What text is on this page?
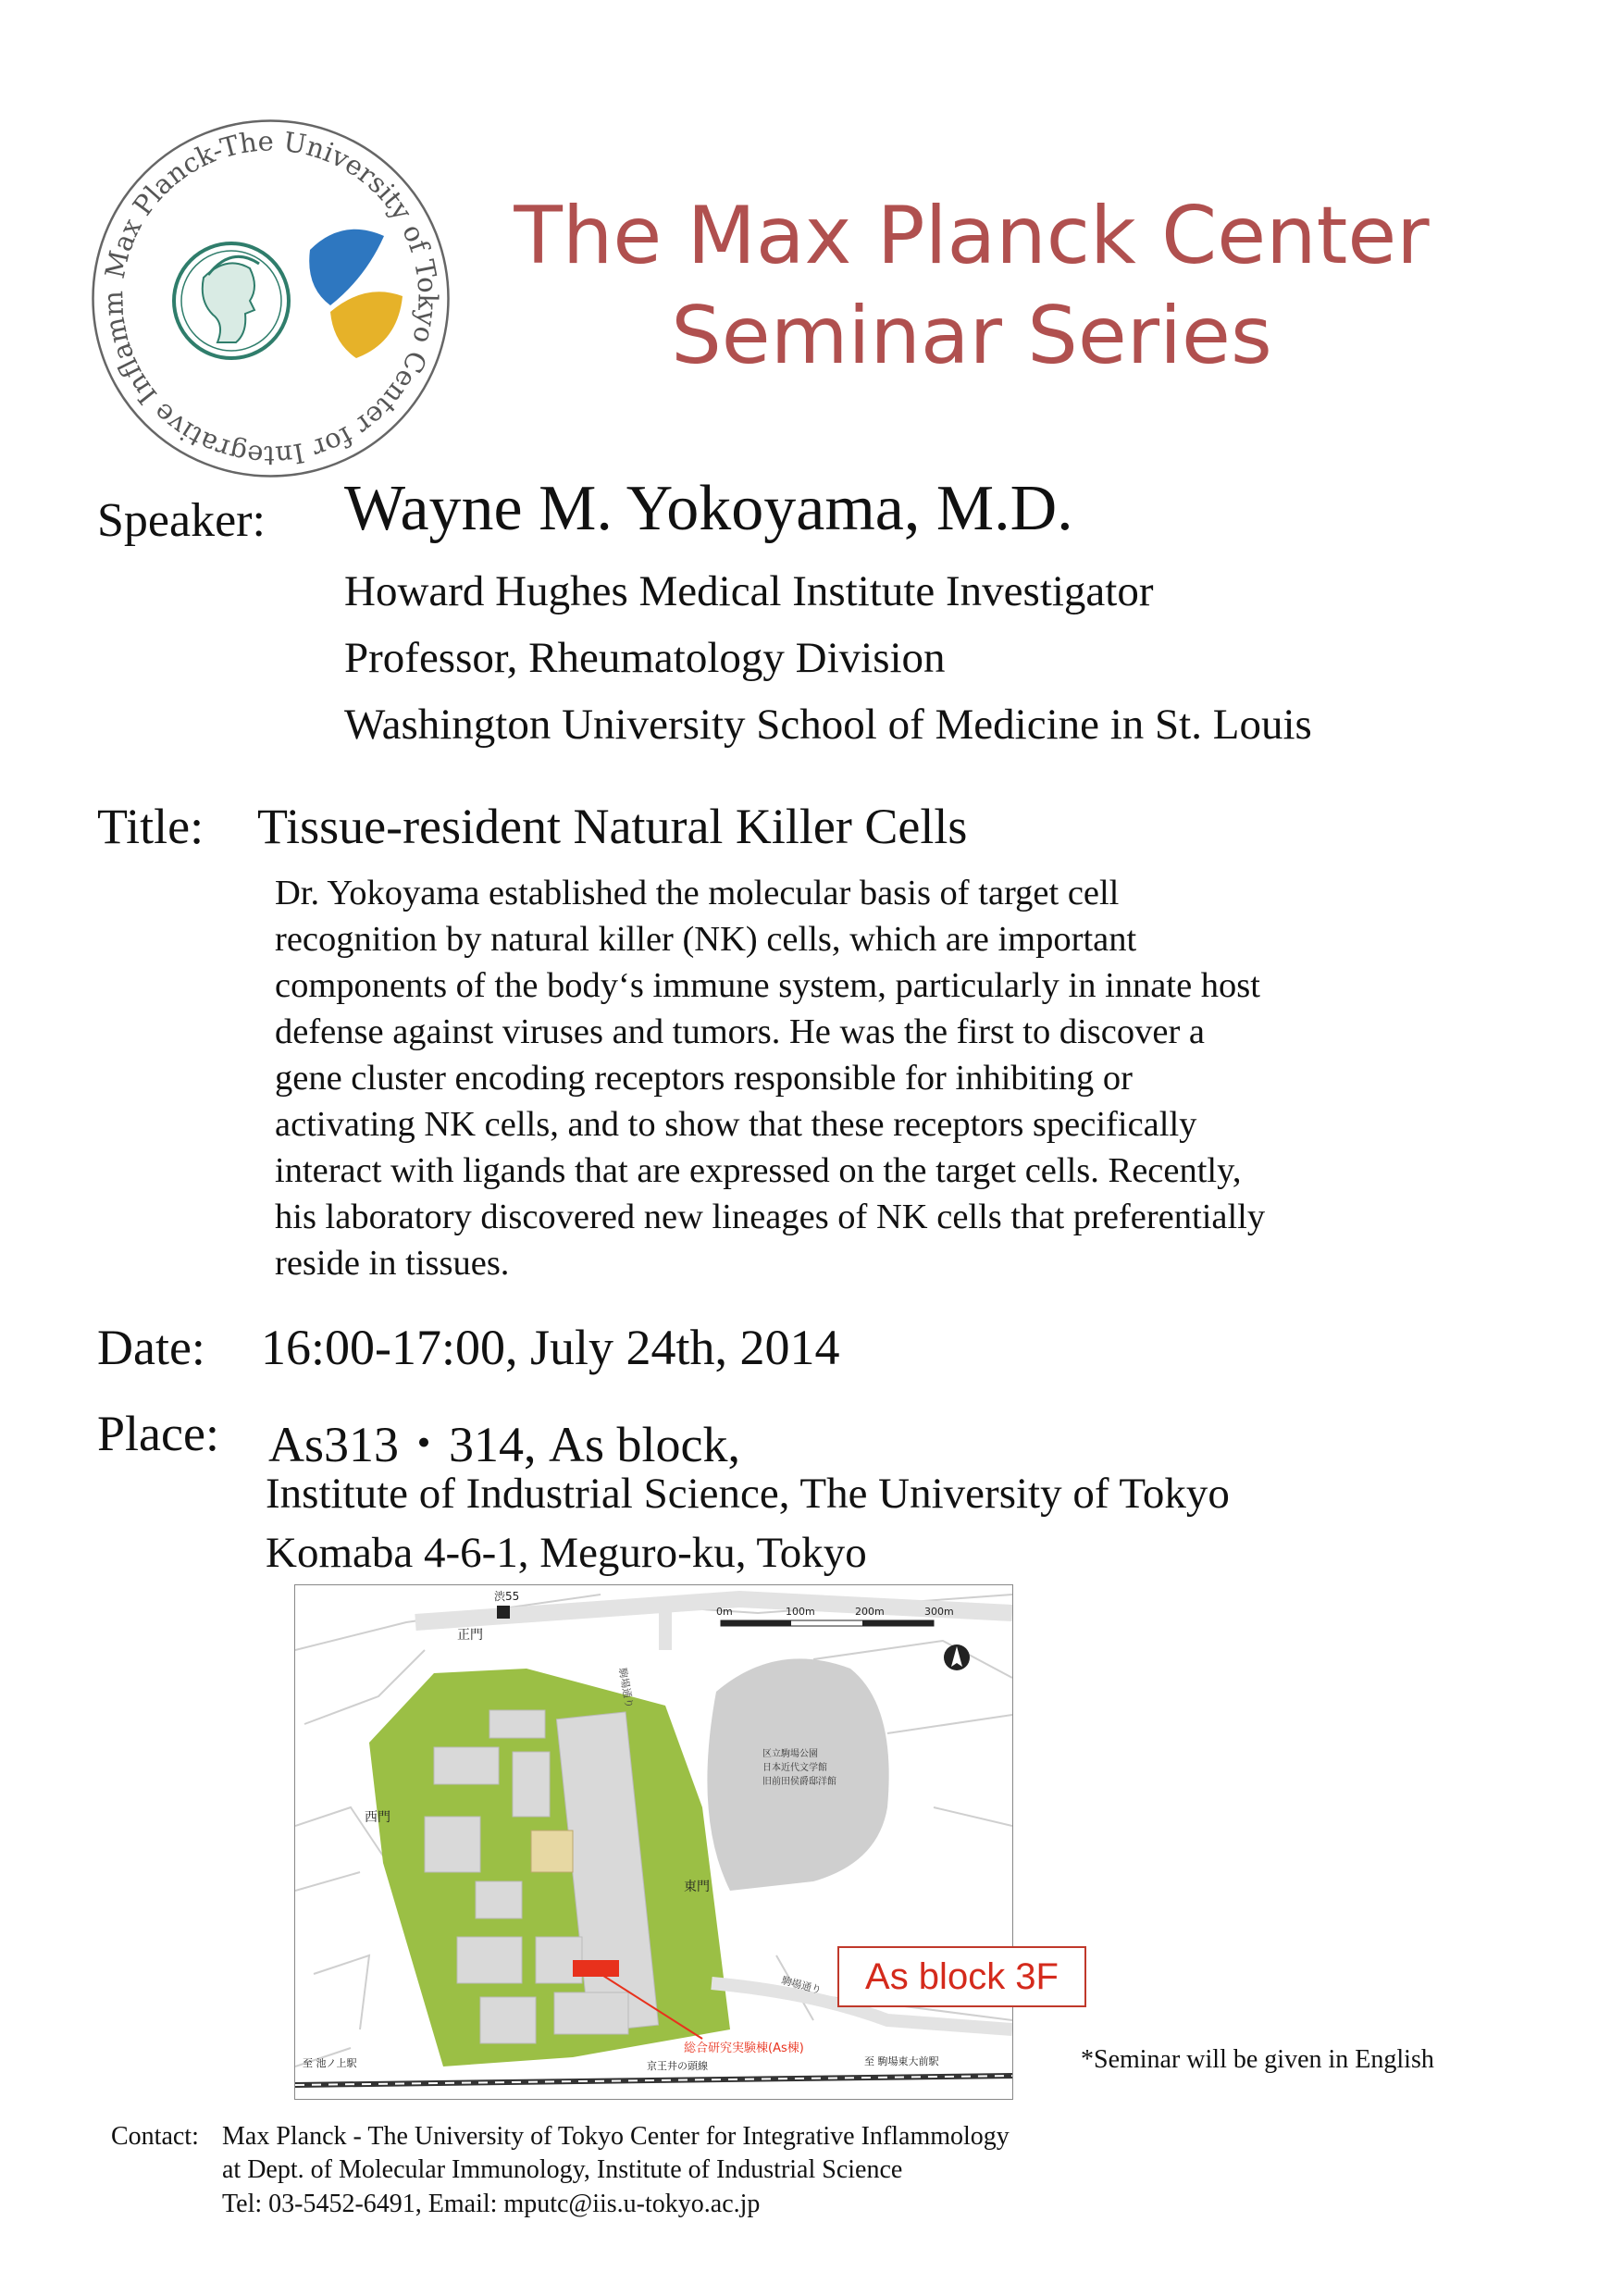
Max Planck-The University of Tokyo Center for Integrative Inflammology
The Max Planck Center
Seminar Series
Speaker: Wayne M. Yokoyama, M.D.
Howard Hughes Medical Institute Investigator
Professor, Rheumatology Division
Washington University School of Medicine in St. Louis
Title: Tissue-resident Natural Killer Cells
Dr. Yokoyama established the molecular basis of target cell
recognition by natural killer (NK) cells, which are important
components of the body‘s immune system, particularly in innate host
defense against viruses and tumors. He was the first to discover a
gene cluster encoding receptors responsible for inhibiting or
activating NK cells, and to show that these receptors specifically
interact with ligands that are expressed on the target cells. Recently,
his laboratory discovered new lineages of NK cells that preferentially
reside in tissues.
Date: 16:00-17:00, July 24th, 2014
Place: As313・314, As block,
Institute of Industrial Science, The University of Tokyo
Komaba 4-6-1, Meguro-ku, Tokyo
渋55
正門
西門
東門
駒場通り
駒場通り
区立駒場公園
日本近代文学館
旧前田侯爵邸洋館
総合研究実験棟(As棟)
京王井の頭線
至 池ノ上駅	至 駒場東大前駅
0m	100m	200m	300m
As block 3F
*Seminar will be given in English
Contact: Max Planck - The University of Tokyo Center for Integrative Inflammology
at Dept. of Molecular Immunology, Institute of Industrial Science
Tel: 03-5452-6491, Email: mputc@iis.u-tokyo.ac.jp
